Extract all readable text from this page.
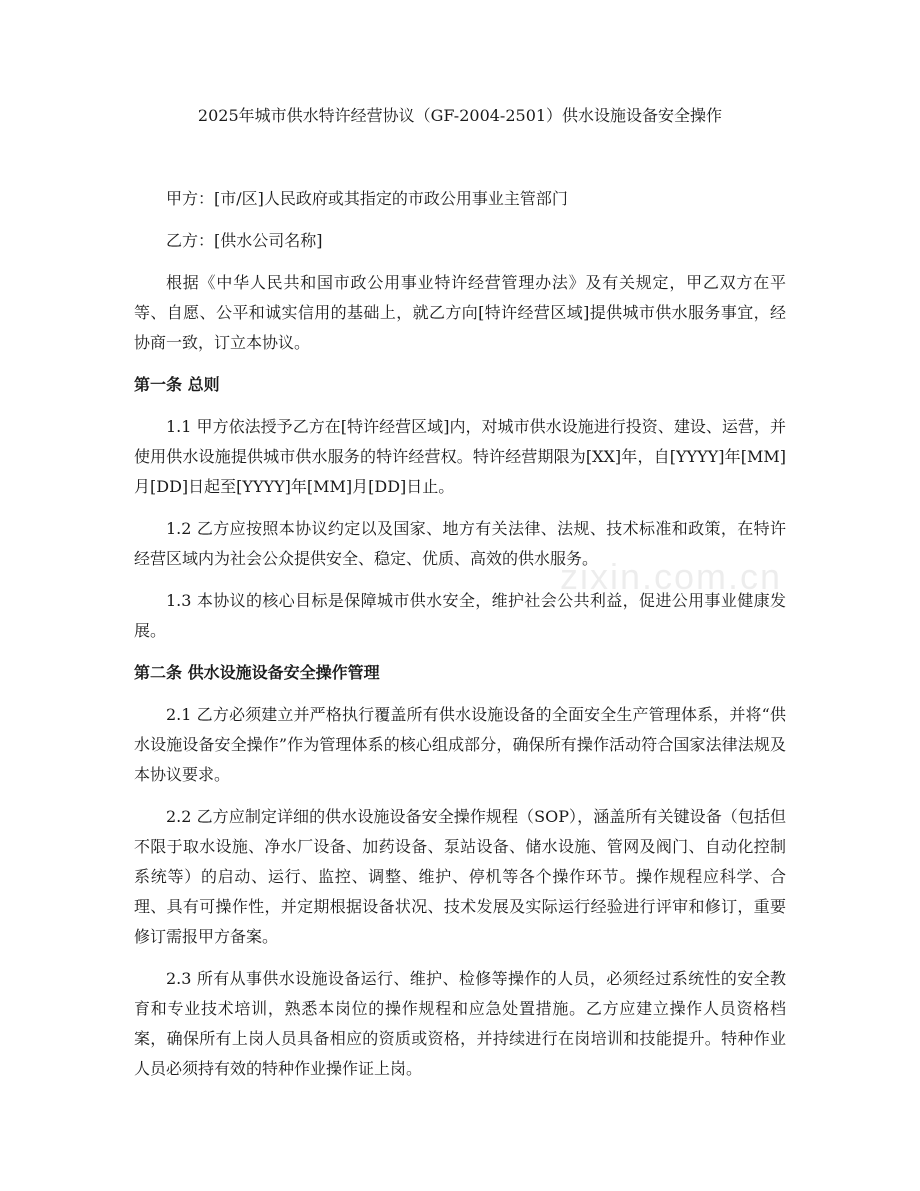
2025年城市供水特许经营协议（GF-2004-2501）供水设施设备安全操作

甲方：[市/区]人民政府或其指定的市政公用事业主管部门

乙方：[供水公司名称]

根据《中华人民共和国市政公用事业特许经营管理办法》及有关规定，甲乙双方在平等、自愿、公平和诚实信用的基础上，就乙方向[特许经营区域]提供城市供水服务事宜，经协商一致，订立本协议。

第一条 总则

1.1 甲方依法授予乙方在[特许经营区域]内，对城市供水设施进行投资、建设、运营，并使用供水设施提供城市供水服务的特许经营权。特许经营期限为[XX]年，自[YYYY]年[MM]月[DD]日起至[YYYY]年[MM]月[DD]日止。

1.2 乙方应按照本协议约定以及国家、地方有关法律、法规、技术标准和政策，在特许经营区域内为社会公众提供安全、稳定、优质、高效的供水服务。

1.3 本协议的核心目标是保障城市供水安全，维护社会公共利益，促进公用事业健康发展。

第二条 供水设施设备安全操作管理

2.1 乙方必须建立并严格执行覆盖所有供水设施设备的全面安全生产管理体系，并将“供水设施设备安全操作”作为管理体系的核心组成部分，确保所有操作活动符合国家法律法规及本协议要求。

2.2 乙方应制定详细的供水设施设备安全操作规程（SOP），涵盖所有关键设备（包括但不限于取水设施、净水厂设备、加药设备、泵站设备、储水设施、管网及阀门、自动化控制系统等）的启动、运行、监控、调整、维护、停机等各个操作环节。操作规程应科学、合理、具有可操作性，并定期根据设备状况、技术发展及实际运行经验进行评审和修订，重要修订需报甲方备案。

2.3 所有从事供水设施设备运行、维护、检修等操作的人员，必须经过系统性的安全教育和专业技术培训，熟悉本岗位的操作规程和应急处置措施。乙方应建立操作人员资格档案，确保所有上岗人员具备相应的资质或资格，并持续进行在岗培训和技能提升。特种作业人员必须持有效的特种作业操作证上岗。

zixin.com.cn
